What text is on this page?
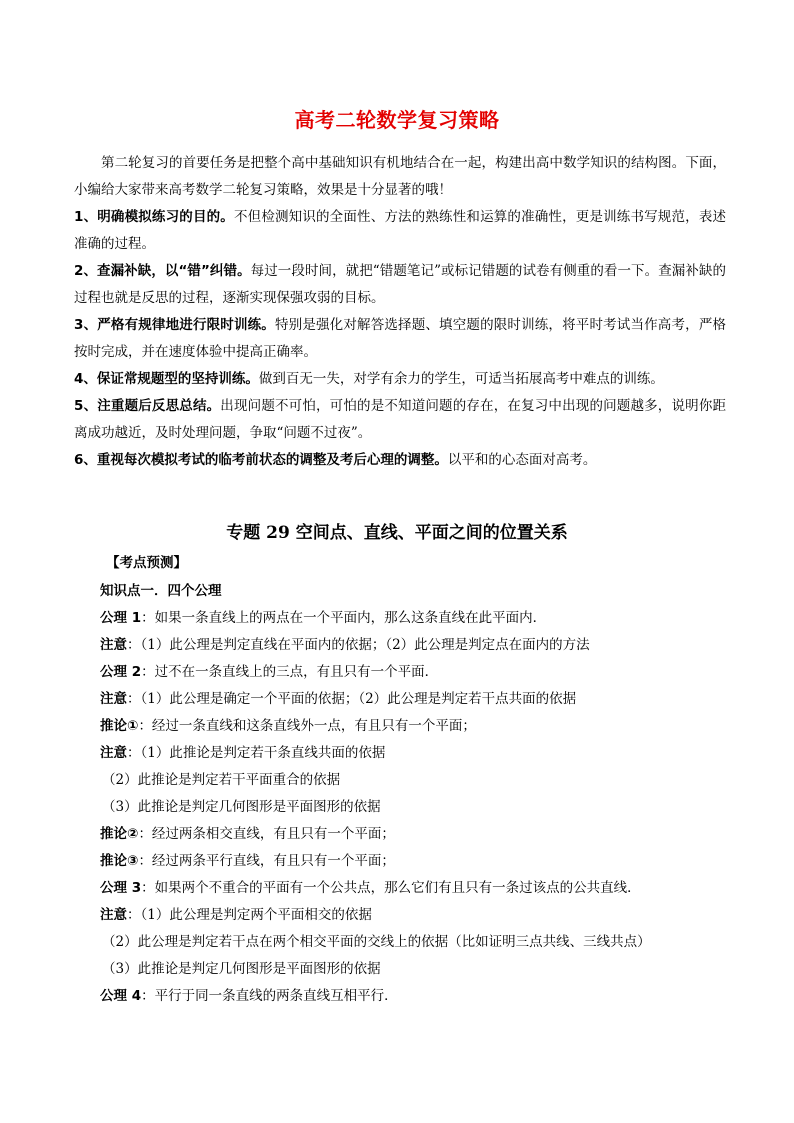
高考二轮数学复习策略
第二轮复习的首要任务是把整个高中基础知识有机地结合在一起，构建出高中数学知识的结构图。下面，小编给大家带来高考数学二轮复习策略，效果是十分显著的哦！
1、明确模拟练习的目的。不但检测知识的全面性、方法的熟练性和运算的准确性，更是训练书写规范，表述准确的过程。
2、查漏补缺，以“错”纠错。每过一段时间，就把“错题笔记”或标记错题的试卷有侧重的看一下。查漏补缺的过程也就是反思的过程，逐渐实现保强攻弱的目标。
3、严格有规律地进行限时训练。特别是强化对解答选择题、填空题的限时训练，将平时考试当作高考，严格按时完成，并在速度体验中提高正确率。
4、保证常规题型的坚持训练。做到百无一失，对学有余力的学生，可适当拓展高考中难点的训练。
5、注重题后反思总结。出现问题不可怕，可怕的是不知道问题的存在，在复习中出现的问题越多，说明你距离成功越近，及时处理问题，争取“问题不过夜”。
6、重视每次模拟考试的临考前状态的调整及考后心理的调整。以平和的心态面对高考。
专题 29 空间点、直线、平面之间的位置关系
【考点预测】
知识点一．四个公理
公理 1：如果一条直线上的两点在一个平面内，那么这条直线在此平面内．
注意：（1）此公理是判定直线在平面内的依据；（2）此公理是判定点在面内的方法
公理 2：过不在一条直线上的三点，有且只有一个平面．
注意：（1）此公理是确定一个平面的依据；（2）此公理是判定若干点共面的依据
推论①：经过一条直线和这条直线外一点，有且只有一个平面；
注意：（1）此推论是判定若干条直线共面的依据
（2）此推论是判定若干平面重合的依据
（3）此推论是判定几何图形是平面图形的依据
推论②：经过两条相交直线，有且只有一个平面；
推论③：经过两条平行直线，有且只有一个平面；
公理 3：如果两个不重合的平面有一个公共点，那么它们有且只有一条过该点的公共直线．
注意：（1）此公理是判定两个平面相交的依据
（2）此公理是判定若干点在两个相交平面的交线上的依据（比如证明三点共线、三线共点）
（3）此推论是判定几何图形是平面图形的依据
公理 4：平行于同一条直线的两条直线互相平行．
